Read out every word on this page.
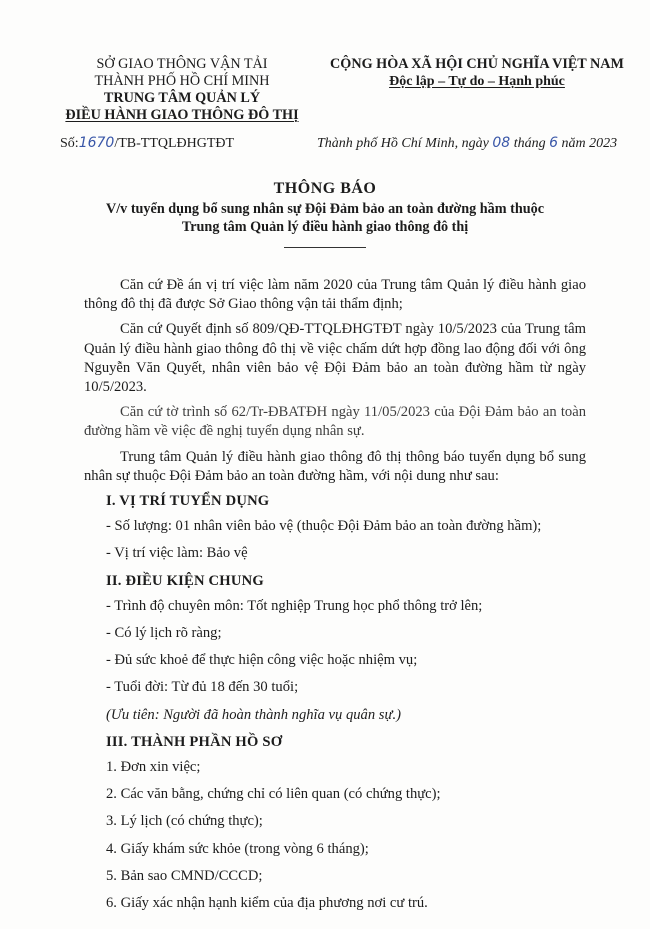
SỞ GIAO THÔNG VẬN TẢI
THÀNH PHỐ HỒ CHÍ MINH
TRUNG TÂM QUẢN LÝ
ĐIỀU HÀNH GIAO THÔNG ĐÔ THỊ
CỘNG HÒA XÃ HỘI CHỦ NGHĨA VIỆT NAM
Độc lập – Tự do – Hạnh phúc
Số:1670/TB-TTQLĐHGTĐT	Thành phố Hồ Chí Minh, ngày 08 tháng 6 năm 2023
THÔNG BÁO
V/v tuyển dụng bổ sung nhân sự Đội Đảm bảo an toàn đường hầm thuộc
Trung tâm Quản lý điều hành giao thông đô thị
Căn cứ Đề án vị trí việc làm năm 2020 của Trung tâm Quản lý điều hành giao thông đô thị đã được Sở Giao thông vận tải thẩm định;
Căn cứ Quyết định số 809/QĐ-TTQLĐHGTĐT ngày 10/5/2023 của Trung tâm Quản lý điều hành giao thông đô thị về việc chấm dứt hợp đồng lao động đối với ông Nguyễn Văn Quyết, nhân viên bảo vệ Đội Đảm bảo an toàn đường hầm từ ngày 10/5/2023.
Căn cứ tờ trình số 62/Tr-ĐBATĐH ngày 11/05/2023 của Đội Đảm bảo an toàn đường hầm về việc đề nghị tuyển dụng nhân sự.
Trung tâm Quản lý điều hành giao thông đô thị thông báo tuyển dụng bổ sung nhân sự thuộc Đội Đảm bảo an toàn đường hầm, với nội dung như sau:
I. VỊ TRÍ TUYỂN DỤNG
- Số lượng: 01 nhân viên bảo vệ (thuộc Đội Đảm bảo an toàn đường hầm);
- Vị trí việc làm: Bảo vệ
II. ĐIỀU KIỆN CHUNG
- Trình độ chuyên môn: Tốt nghiệp Trung học phổ thông trở lên;
- Có lý lịch rõ ràng;
- Đủ sức khoẻ để thực hiện công việc hoặc nhiệm vụ;
- Tuổi đời: Từ đủ 18 đến 30 tuổi;
(Ưu tiên: Người đã hoàn thành nghĩa vụ quân sự.)
III. THÀNH PHẦN HỒ SƠ
1. Đơn xin việc;
2. Các văn bằng, chứng chỉ có liên quan (có chứng thực);
3. Lý lịch (có chứng thực);
4. Giấy khám sức khỏe (trong vòng 6 tháng);
5. Bản sao CMND/CCCD;
6. Giấy xác nhận hạnh kiểm của địa phương nơi cư trú.
